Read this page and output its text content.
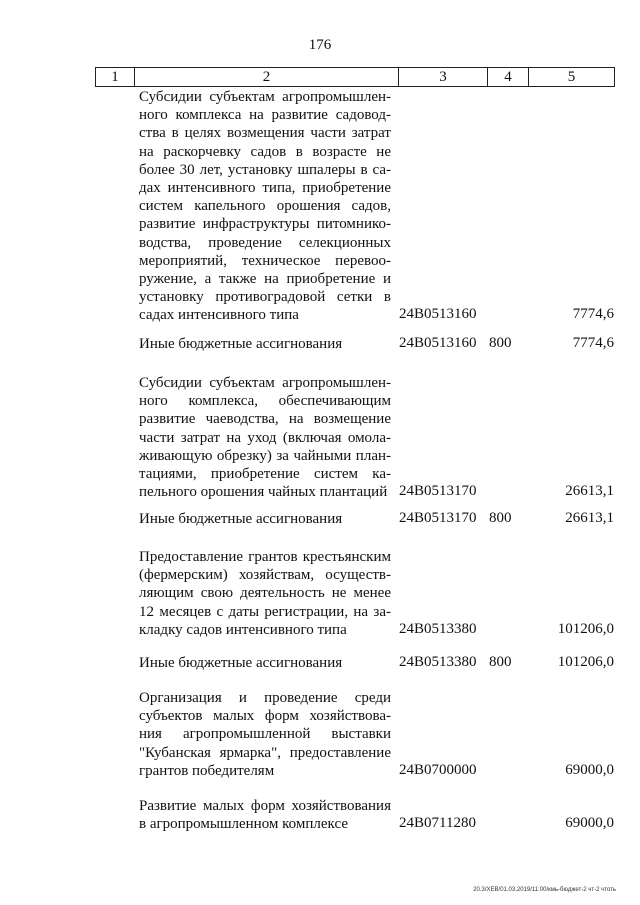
176
1	2	3	4	5
Субсидии субъектам агропромышлен-
ного комплекса на развитие садовод-
ства в целях возмещения части затрат
на раскорчевку садов в возрасте не
более 30 лет, установку шпалеры в са-
дах интенсивного типа, приобретение
систем капельного орошения садов,
развитие инфраструктуры питомнико-
водства, проведение селекционных
мероприятий, техническое перевоо-
ружение, а также на приобретение и
установку противоградовой сетки в
садах интенсивного типа	24В0513160	7774,6
Иные бюджетные ассигнования	24В0513160 800	7774,6
Субсидии субъектам агропромышлен-
ного комплекса, обеспечивающим
развитие чаеводства, на возмещение
части затрат на уход (включая омола-
живающую обрезку) за чайными план-
тациями, приобретение систем ка-
пельного орошения чайных плантаций 24В0513170	26613,1
Иные бюджетные ассигнования	24В0513170 800	26613,1
Предоставление грантов крестьянским
(фермерским) хозяйствам, осуществ-
ляющим свою деятельность не менее
12 месяцев с даты регистрации, на за-
кладку садов интенсивного типа	24В0513380	101206,0
Иные бюджетные ассигнования	24В0513380 800	101206,0
Организация и проведение среди
субъектов малых форм хозяйствова-
ния агропромышленной выставки
"Кубанская ярмарка", предоставление
грантов победителям	24В0700000	69000,0
Развитие малых форм хозяйствования
в агропромышленном комплексе	24В0711280	69000,0
20.3/ХЕВ/01.03.2019/11:00/кмь-бюджет-2 чт-2 чтоть
